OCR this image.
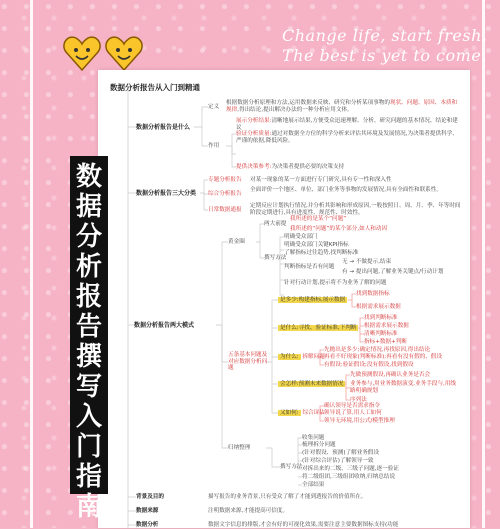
Change life, start fresh.
The best is yet to come.
数据分析报告从入门到精通
数据分析报告是什么
定义
根据数据分析原理和方法,运用数据来反映、研究和分析某项事物的现状、问题、原因、本质和规律,得出结论,提出解决办法的一种分析应用文体。
作用
展示分析结果:清晰地展示结果,方便受众迅速理解、分析、研究问题的基本情况、结论和建议
验证分析质量:通过对数据全方位的科学分析来评估其环境及发展情况,为决策者提供科学、严谨的依据,降低风险。
提供决策参考:为决策者提供必要的决策支持
数据分析报告三大分类
专题分析报告 对某一现象的某一方面进行专门研究,具有专一性和深入性
综合分析报告
全面评价一个地区、单位、部门业务等事物的发展情况,具有全面性和联系性。
日常数据通报
定期反应计划执行情况,并分析其影响和形成原因,一般按照日、周、月、季、年等时间阶段定期进行,具有进度性、规范性、时效性。
数据分析报告两大模式
黄金圈
两大前提
我所述的是某个“问题”
我所述的“问题”的某个部分,如人和动因
撰写方法
明确受众部门
明确受众部门关键KPI指标
了解指标过往趋势,找判断标准
判断指标是否有问题
无 → 不做提示,结束
有 → 提出问题,了解业务关键点/行动计划
针对行动计划,提示将不为业务了解的问题
五条基本问题及对应数据分析问题
是多少:构建指标,展示数据
找到数据指标
根据需求展示数据
是什么:寻找、验证标准,下判断
找到判断标准
根据需求展示数据
清晰判断标准
指标+数据+判断
为什么: 拆解问题
先抛出是多少;确定情况,再找原因,得出结论
再看不好现象(判断标准);再看有没有假的、假设
有假设:验证假设;没有假设,找到假设
会怎样:预测未来数据情况
先做预测假设,再确认业务是否会
业务参与,用业务数据演变,业务手段与,用线路明确规划
序列法
又如何: 综合评估
确认领导是否需求指令
领导说了算,用人工如何
领导无环境,用公式/模型推理
归纳整理
撰写方法
收集问题
梳理拆分问题
(针对假设、预测)了解业务假设
(针对综合评估)了解领导一致
对拆出来的二级、三级子问题,逐一验证
将二级组团,三级组团收纳,归纳总结说
全部结果
背景及目的	描写报告的业务背景,只有受众了解了才能到透报告的价值所在。
数据来源	注明数据来源,才能提高可信度。
数据分析	数据文字信息的排版,才会有好的可视化效果,需要注意主要数据图标支持(功能
数
据
分
析
报
告
撰
写
入
门
指
南
